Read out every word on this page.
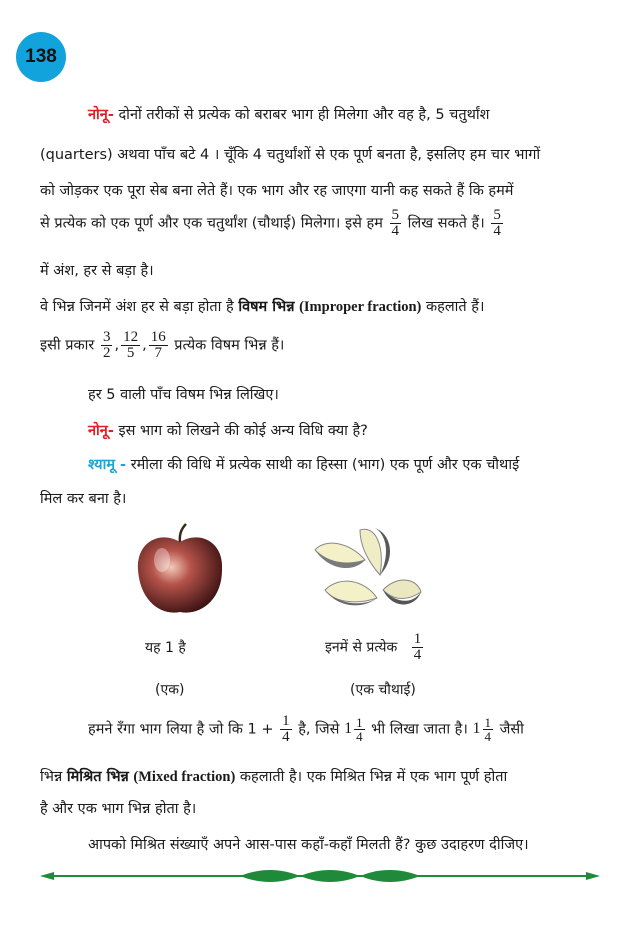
138
नोनू- दोनों तरीकों से प्रत्येक को बराबर भाग ही मिलेगा और वह है, 5 चतुर्थांश
(quarters) अथवा पाँच बटे 4 । चूँकि 4 चतुर्थांशों से एक पूर्ण बनता है, इसलिए हम चार भागों
को जोड़कर एक पूरा सेब बना लेते हैं। एक भाग और रह जाएगा यानी कह सकते हैं कि हममें
से प्रत्येक को एक पूर्ण और एक चतुर्थांश (चौथाई) मिलेगा। इसे हम $\frac{5}{4}$ लिख सकते हैं। $\frac{5}{4}$
में अंश, हर से बड़ा है।
वे भिन्न जिनमें अंश हर से बड़ा होता है विषम भिन्न (Improper fraction) कहलाते हैं।
इसी प्रकार $\frac{3}{2}$ , $\frac{12}{5}$ , $\frac{16}{7}$ प्रत्येक विषम भिन्न हैं।
हर 5 वाली पाँच विषम भिन्न लिखिए।
नोनू- इस भाग को लिखने की कोई अन्य विधि क्या है?
श्यामू - रमीला की विधि में प्रत्येक साथी का हिस्सा (भाग) एक पूर्ण और एक चौथाई
मिल कर बना है।
यह 1 है
(एक)
इनमें से प्रत्येक $\frac{1}{4}$
(एक चौथाई)
हमने रँगा भाग लिया है जो कि $1 + \frac{1}{4}$ है, जिसे $1 \frac{1}{4}$ भी लिखा जाता है। $1 \frac{1}{4}$ जैसी
भिन्न मिश्रित भिन्न (Mixed fraction) कहलाती है। एक मिश्रित भिन्न में एक भाग पूर्ण होता
है और एक भाग भिन्न होता है।
आपको मिश्रित संख्याएँ अपने आस-पास कहाँ-कहाँ मिलती हैं? कुछ उदाहरण दीजिए।
